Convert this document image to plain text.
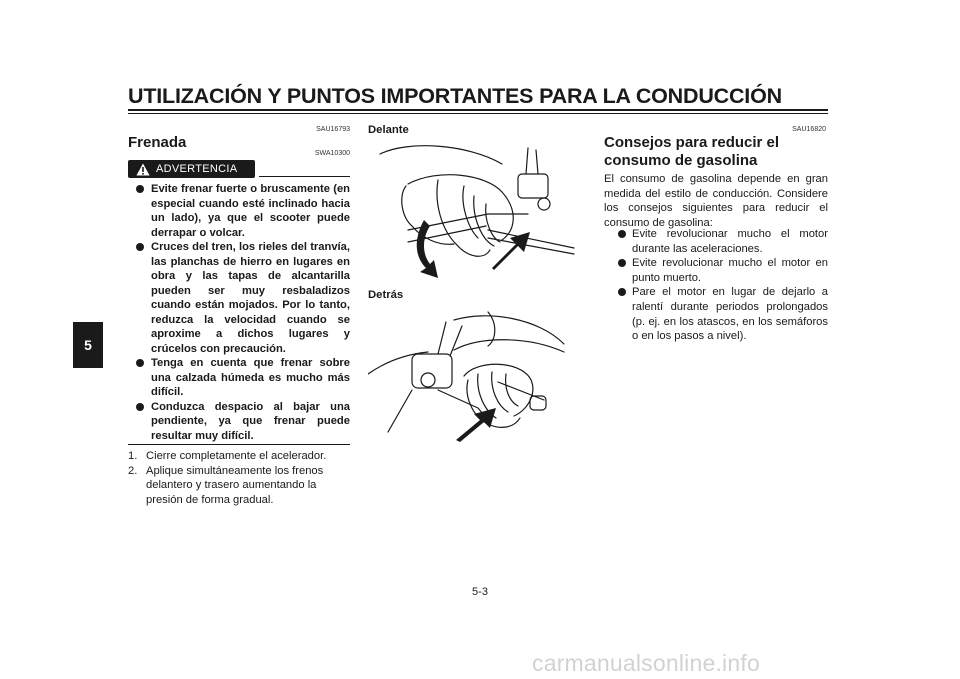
UTILIZACIÓN Y PUNTOS IMPORTANTES PARA LA CONDUCCIÓN
5
SAU16793
Frenada
SWA10300
ADVERTENCIA
Evite frenar fuerte o bruscamente (en especial cuando esté inclinado hacia un lado), ya que el scooter puede derrapar o volcar.
Cruces del tren, los rieles del tranvía, las planchas de hierro en lugares en obra y las tapas de alcantarilla pueden ser muy resbaladizos cuando están mojados. Por lo tanto, reduzca la velocidad cuando se aproxime a dichos lugares y crúcelos con precaución.
Tenga en cuenta que frenar sobre una calzada húmeda es mucho más difícil.
Conduzca despacio al bajar una pendiente, ya que frenar puede resultar muy difícil.
1. Cierre completamente el acelerador.
2. Aplique simultáneamente los frenos delantero y trasero aumentando la presión de forma gradual.
Delante
Detrás
SAU16820
Consejos para reducir el consumo de gasolina
El consumo de gasolina depende en gran medida del estilo de conducción. Considere los consejos siguientes para reducir el consumo de gasolina:
Evite revolucionar mucho el motor durante las aceleraciones.
Evite revolucionar mucho el motor en punto muerto.
Pare el motor en lugar de dejarlo a ralentí durante periodos prolongados (p. ej. en los atascos, en los semáforos o en los pasos a nivel).
5-3
carmanualsonline.info
